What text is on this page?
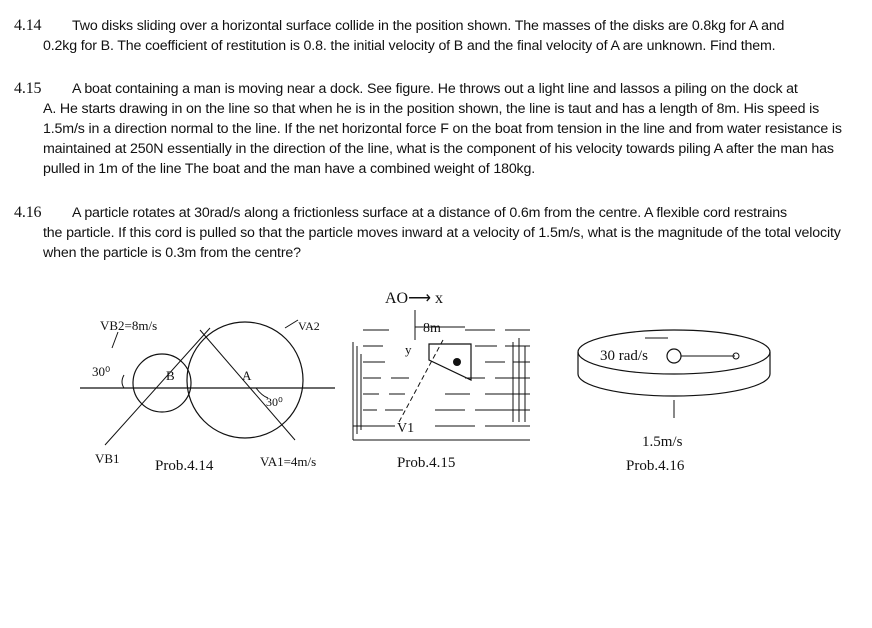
4.14 Two disks sliding over a horizontal surface collide in the position shown. The masses of the disks are 0.8kg for A and
0.2kg for B. The coefficient of restitution is 0.8. the initial velocity of B and the final velocity of A are unknown. Find them.
4.15 A boat containing a man is moving near a dock. See figure. He throws out a light line and lassos a piling on the dock at
A. He starts drawing in on the line so that when he is in the position shown, the line is taut and has a length of 8m. His speed is 1.5m/s in a direction normal to the line. If the net horizontal force F on the boat from tension in the line and from water resistance is maintained at 250N essentially in the direction of the line, what is the component of his velocity towards piling A after the man has pulled in 1m of the line The boat and the man have a combined weight of 180kg.
4.16 A particle rotates at 30rad/s along a frictionless surface at a distance of 0.6m from the centre. A flexible cord restrains
the particle. If this cord is pulled so that the particle moves inward at a velocity of 1.5m/s, what is the magnitude of the total velocity when the particle is 0.3m from the centre?
VB2=8m/s	VA2
30⁰	B	A
30⁰
VB1	VA1=4m/s
Prob.4.14
AO⟶ x
8m
y
V1
Prob.4.15
30 rad/s
1.5m/s
Prob.4.16
